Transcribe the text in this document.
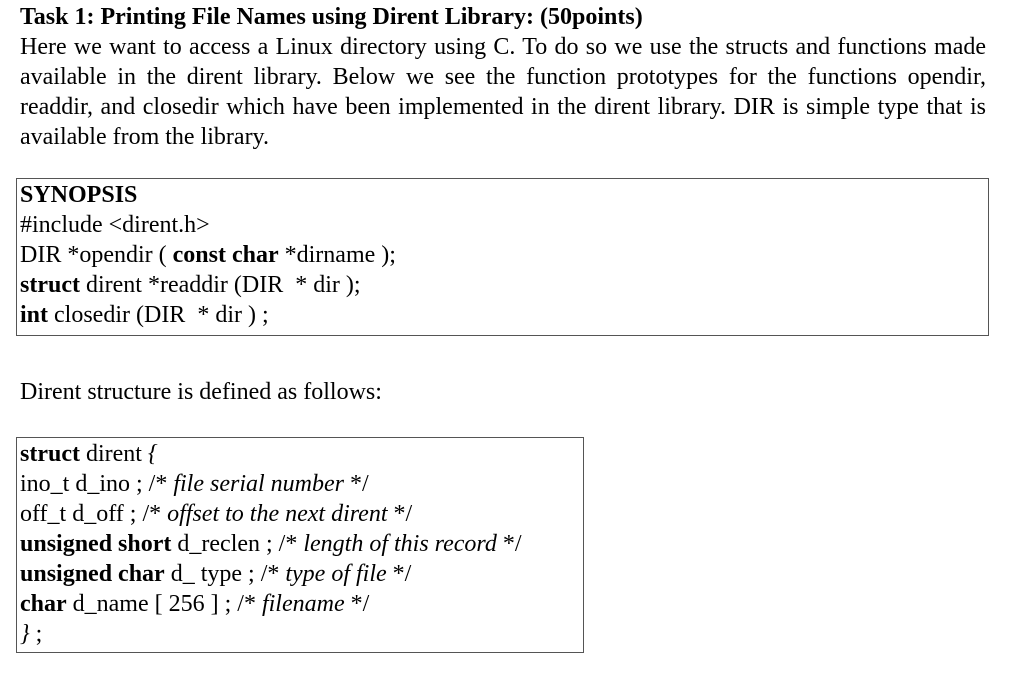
Task 1: Printing File Names using Dirent Library: (50points)

Here we want to access a Linux directory using C. To do so we use the structs and functions made available in the dirent library. Below we see the function prototypes for the functions opendir, readdir, and closedir which have been implemented in the dirent library. DIR is simple type that is available from the library.

SYNOPSIS
#include <dirent.h>
DIR *opendir ( const char *dirname );
struct dirent *readdir (DIR  * dir );
int closedir (DIR  * dir ) ;
Dirent structure is defined as follows:
struct dirent {
ino_t d_ino ; /* file serial number */
off_t d_off ; /* offset to the next dirent */
unsigned short d_reclen ; /* length of this record */
unsigned char d_ type ; /* type of file */
char d_name [ 256 ] ; /* filename */
} ;
